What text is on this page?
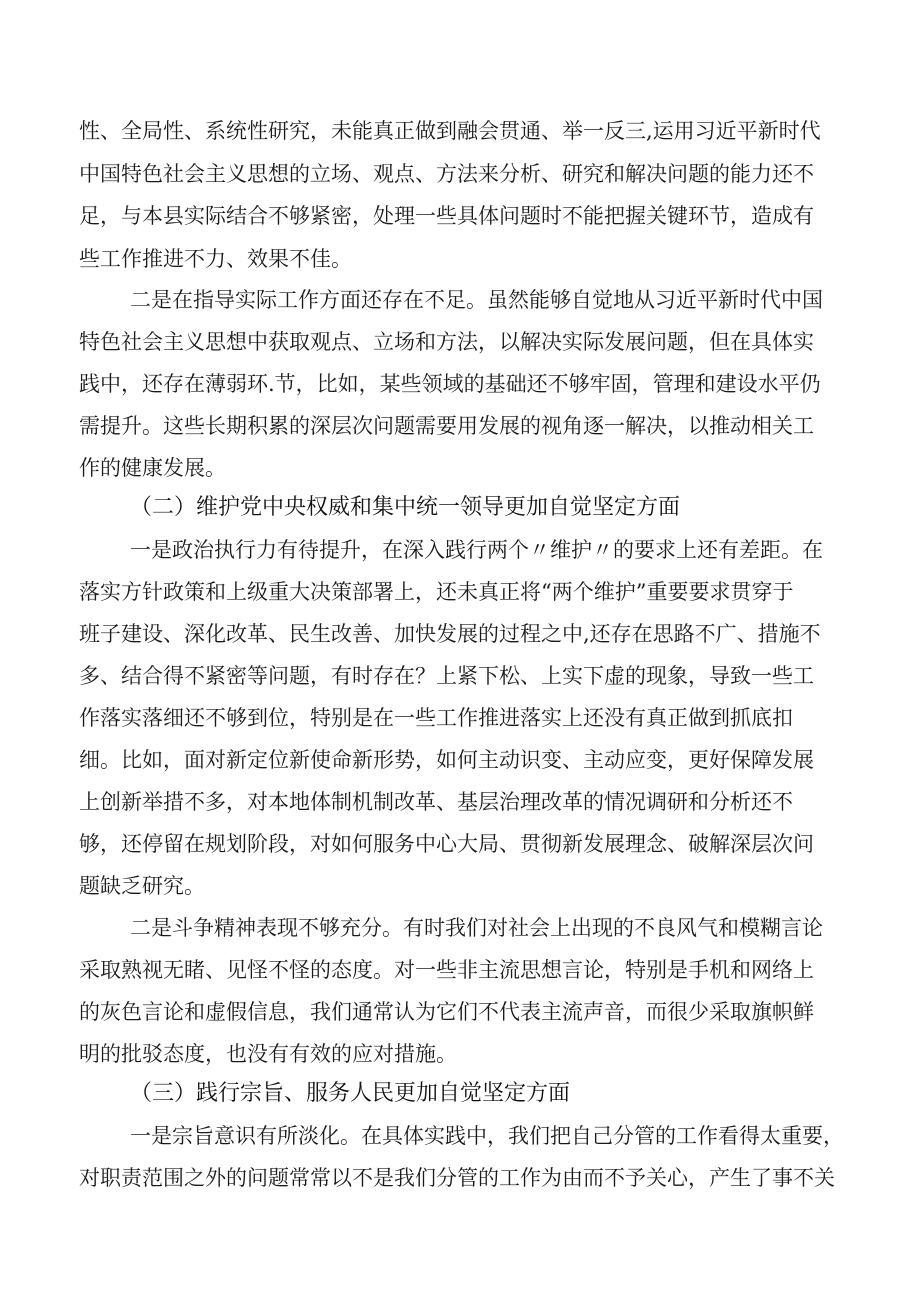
性、全局性、系统性研究，未能真正做到融会贯通、举一反三,运用习近平新时代
中国特色社会主义思想的立场、观点、方法来分析、研究和解决问题的能力还不
足，与本县实际结合不够紧密，处理一些具体问题时不能把握关键环节，造成有
些工作推进不力、效果不佳。
二是在指导实际工作方面还存在不足。虽然能够自觉地从习近平新时代中国
特色社会主义思想中获取观点、立场和方法，以解决实际发展问题，但在具体实
践中，还存在薄弱环.节，比如，某些领域的基础还不够牢固，管理和建设水平仍
需提升。这些长期积累的深层次问题需要用发展的视角逐一解决，以推动相关工
作的健康发展。
（二）维护党中央权威和集中统一领导更加自觉坚定方面
一是政治执行力有待提升，在深入践行两个〃维护〃的要求上还有差距。在
落实方针政策和上级重大决策部署上，还未真正将“两个维护”重要要求贯穿于
班子建设、深化改革、民生改善、加快发展的过程之中,还存在思路不广、措施不
多、结合得不紧密等问题，有时存在？上紧下松、上实下虚的现象，导致一些工
作落实落细还不够到位，特别是在一些工作推进落实上还没有真正做到抓底扣
细。比如，面对新定位新使命新形势，如何主动识变、主动应变，更好保障发展
上创新举措不多，对本地体制机制改革、基层治理改革的情况调研和分析还不
够，还停留在规划阶段，对如何服务中心大局、贯彻新发展理念、破解深层次问
题缺乏研究。
二是斗争精神表现不够充分。有时我们对社会上出现的不良风气和模糊言论
采取熟视无睹、见怪不怪的态度。对一些非主流思想言论，特别是手机和网络上
的灰色言论和虚假信息，我们通常认为它们不代表主流声音，而很少采取旗帜鲜
明的批驳态度，也没有有效的应对措施。
（三）践行宗旨、服务人民更加自觉坚定方面
一是宗旨意识有所淡化。在具体实践中，我们把自己分管的工作看得太重要，
对职责范围之外的问题常常以不是我们分管的工作为由而不予关心，产生了事不关
